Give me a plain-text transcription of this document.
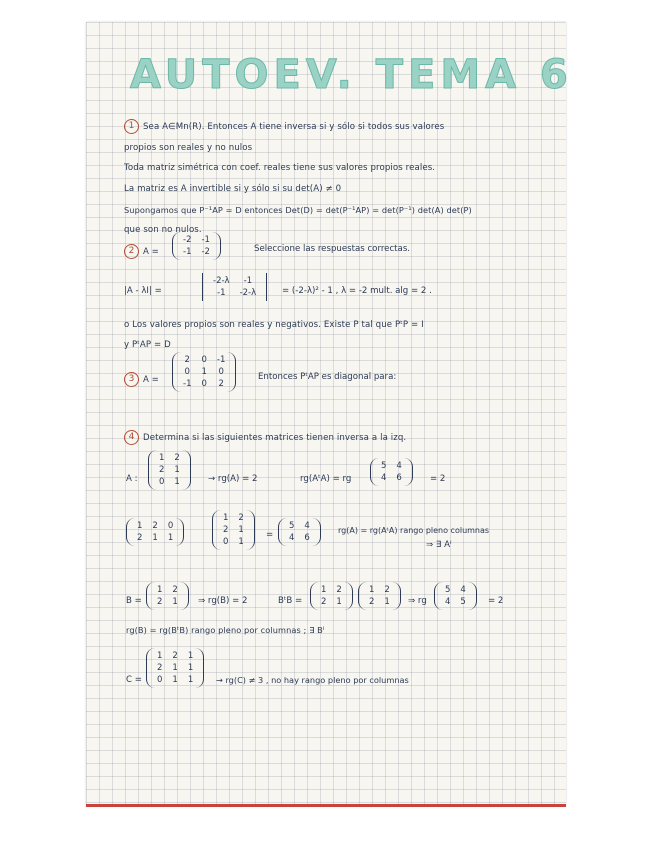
AUTOEV. TEMA 6
1 Sea A∈Mn(R). Entonces A tiene inversa si y sólo si todos sus valores
propios son reales y no nulos
Toda matriz simétrica con coef. reales tiene sus valores propios reales.
La matriz es A invertible si y sólo si su det(A) ≠ 0
Supongamos que P⁻¹AP = D entonces Det(D) = det(P⁻¹AP) = det(P⁻¹) det(A) det(P)
que son no nulos.
2 A =
-2	-1
-1	-2	Seleccione las respuestas correctas.
|A - λI| =
-2-λ	-1
-1	-2-λ	= (-2-λ)² - 1 , λ = -2 mult. alg = 2 .
o Los valores propios son reales y negativos. Existe P tal que PᵗP = I
y PᵗAP = D
3 A =
2	0	-1
0	1	0
-1	0	2
Entonces PᵗAP es diagonal para:
4 Determina si las siguientes matrices tienen inversa a la izq.
A :
1	2
2	1
0	1	→ rg(A) = 2	rg(AᵗA) = rg
5	4
4	6	= 2
1	2	0
2	1	1
1	2
2	1
0	1
=
5	4
4	6
rg(A) = rg(AᵗA) rango pleno columnas
⇒ ∃ Aᴵ
B =
1	2
2	1 ⇒ rg(B) = 2	BᵗB =
1	2
2	1
1	2
2	1 ⇒ rg
5	4
4	5	= 2
rg(B) = rg(BᵗB) rango pleno por columnas ; ∃ Bᴵ
C =
1	2	1
2	1	1
0	1	1	→ rg(C) ≠ 3 , no hay rango pleno por columnas
